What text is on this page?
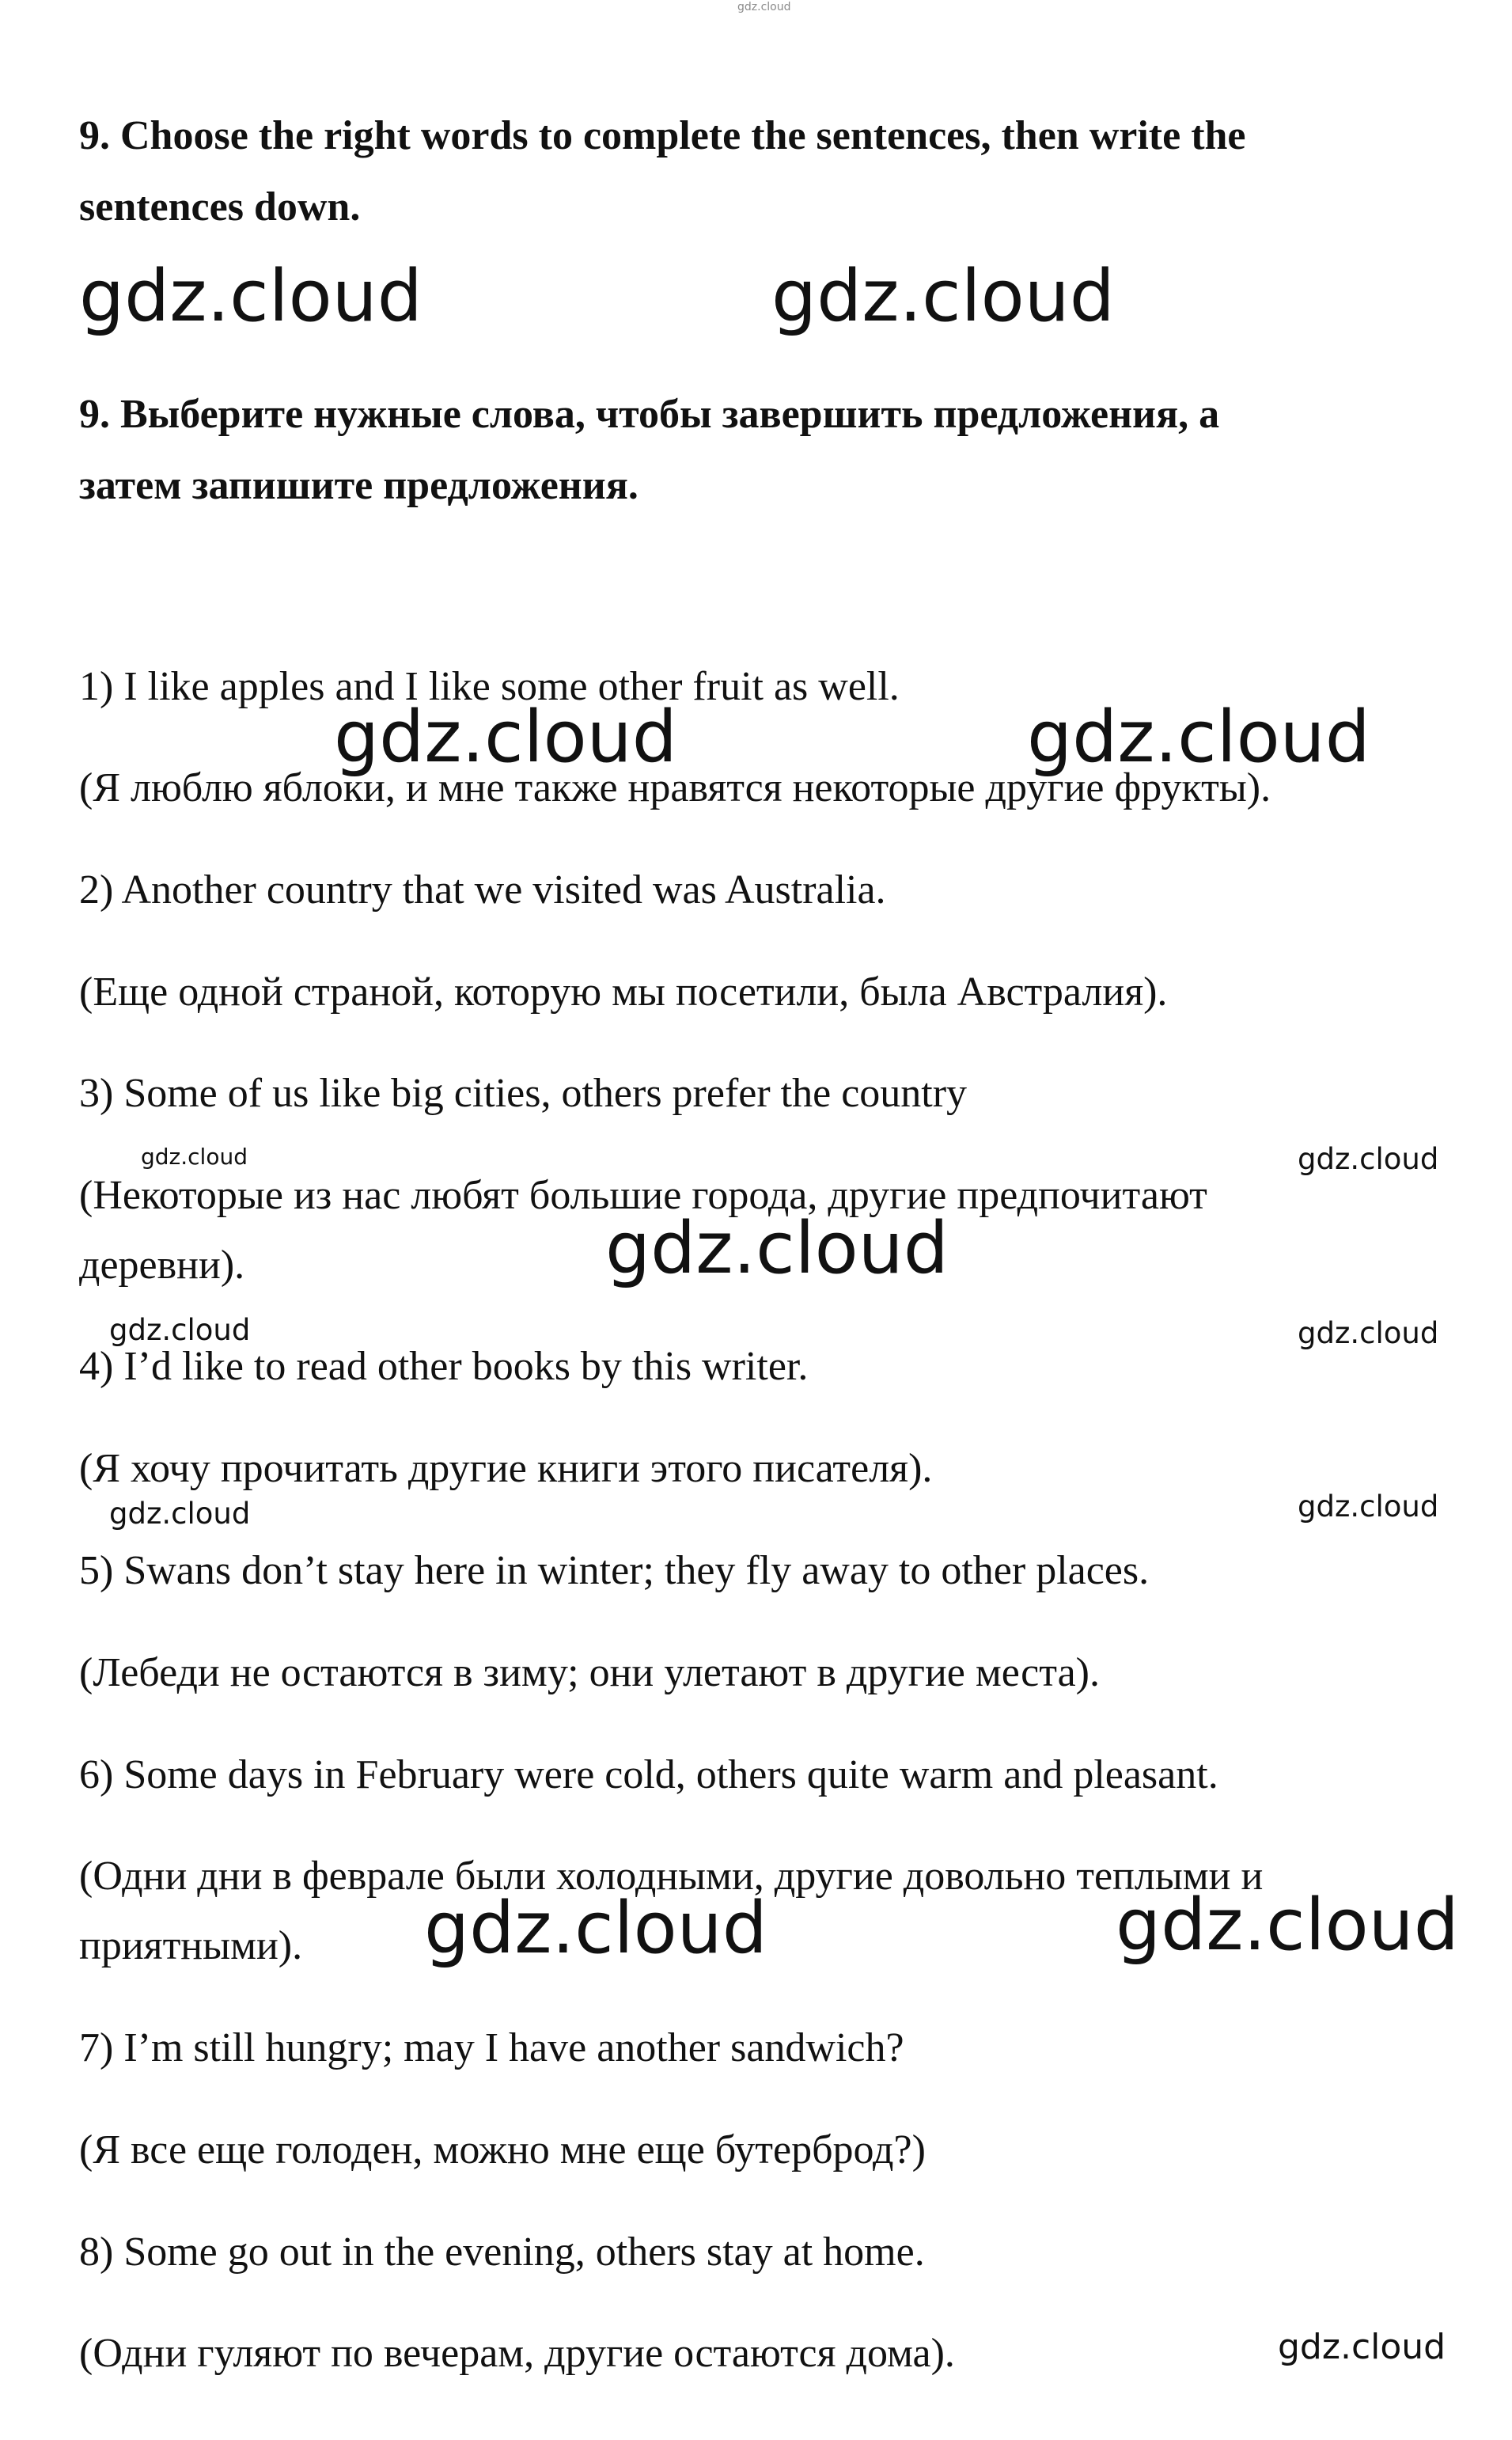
gdz.cloud
9. Choose the right words to complete the sentences, then write the
sentences down.
gdz.cloud	gdz.cloud
9. Выберите нужные слова, чтобы завершить предложения, а
затем запишите предложения.
1) I like apples and I like some other fruit as well.
gdz.cloud	gdz.cloud
(Я люблю яблоки, и мне также нравятся некоторые другие фрукты).
2) Another country that we visited was Australia.
(Еще одной страной, которую мы посетили, была Австралия).
3) Some of us like big cities, others prefer the country
gdz.cloud	gdz.cloud
(Некоторые из нас любят большие города, другие предпочитают
gdz.cloud
деревни).
gdz.cloud	gdz.cloud
4) I’d like to read other books by this writer.
(Я хочу прочитать другие книги этого писателя).
gdz.cloud	gdz.cloud
5) Swans don’t stay here in winter; they fly away to other places.
(Лебеди не остаются в зиму; они улетают в другие места).
6) Some days in February were cold, others quite warm and pleasant.
(Одни дни в феврале были холодными, другие довольно теплыми и
gdz.cloud	gdz.cloud
приятными).
7) I’m still hungry; may I have another sandwich?
(Я все еще голоден, можно мне еще бутерброд?)
8) Some go out in the evening, others stay at home.
(Одни гуляют по вечерам, другие остаются дома).	gdz.cloud
